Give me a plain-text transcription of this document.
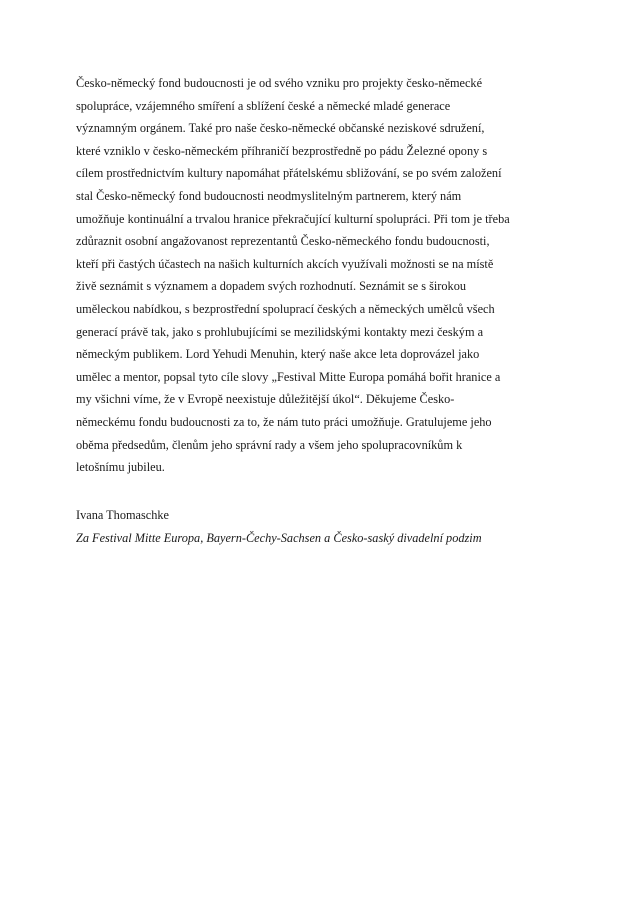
Česko-německý fond budoucnosti je od svého vzniku pro projekty česko-německé
spolupráce, vzájemného smíření a sblížení české a německé mladé generace
významným orgánem. Také pro naše česko-německé občanské neziskové sdružení,
které vzniklo v česko-německém příhraničí bezprostředně po pádu Železné opony s
cílem prostřednictvím kultury napomáhat přátelskému sbližování, se po svém založení
stal Česko-německý fond budoucnosti neodmyslitelným partnerem, který nám
umožňuje kontinuální a trvalou hranice překračující kulturní spolupráci. Při tom je třeba
zdůraznit osobní angažovanost reprezentantů Česko-německého fondu budoucnosti,
kteří při častých účastech na našich kulturních akcích využívali možnosti se na místě
živě seznámit s významem a dopadem svých rozhodnutí. Seznámit se s širokou
uměleckou nabídkou, s bezprostřední spoluprací českých a německých umělců všech
generací právě tak, jako s prohlubujícími se mezilidskými kontakty mezi českým a
německým publikem. Lord Yehudi Menuhin, který naše akce leta doprovázel jako
umělec a mentor, popsal tyto cíle slovy „Festival Mitte Europa pomáhá bořit hranice a
my všichni víme, že v Evropě neexistuje důležitější úkol“. Děkujeme Česko-
německému fondu budoucnosti za to, že nám tuto práci umožňuje. Gratulujeme jeho
oběma předsedům, členům jeho správní rady a všem jeho spolupracovníkům k
letošnímu jubileu.
Ivana Thomaschke
Za Festival Mitte Europa, Bayern-Čechy-Sachsen a Česko-saský divadelní podzim
